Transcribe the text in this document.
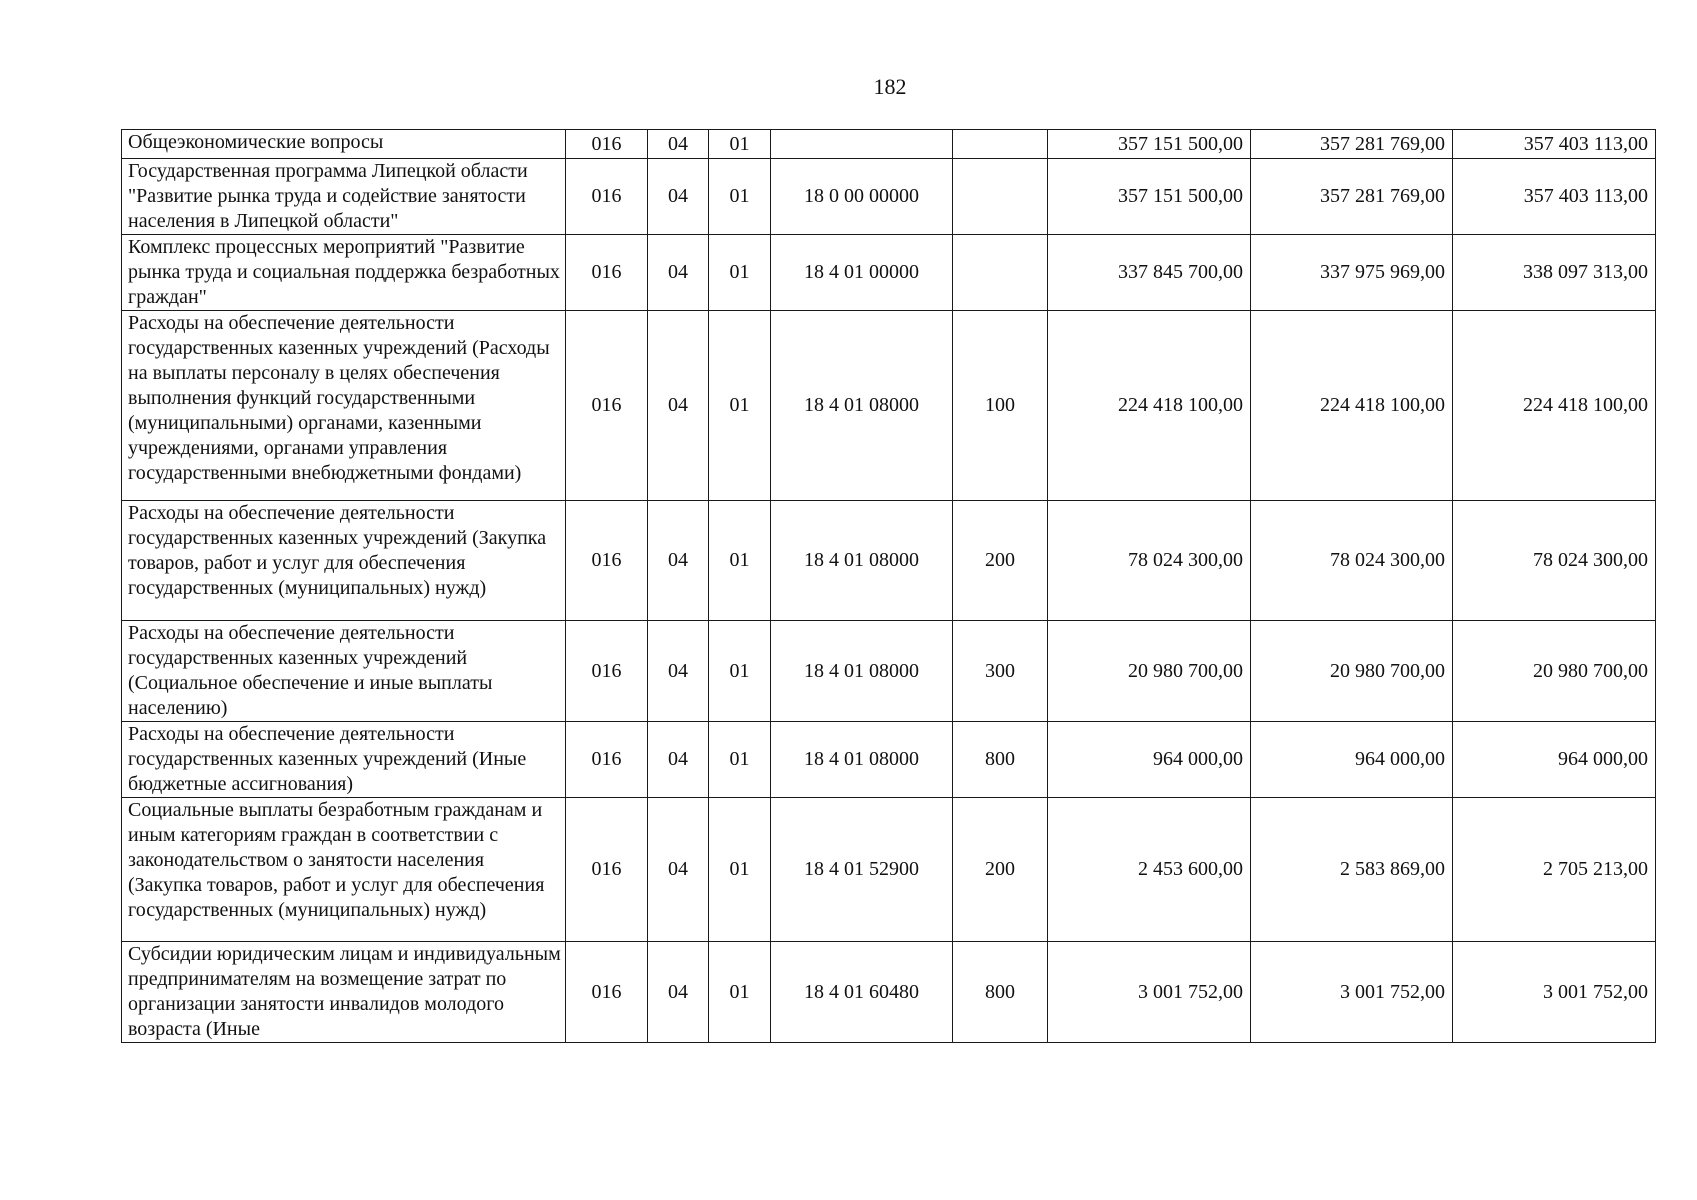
182
Общеэкономические вопросы	016	04	01			357 151 500,00	357 281 769,00	357 403 113,00
Государственная программа Липецкой области "Развитие рынка труда и содействие занятости населения в Липецкой области"	016	04	01	18 0 00 00000		357 151 500,00	357 281 769,00	357 403 113,00
Комплекс процессных мероприятий "Развитие рынка труда и социальная поддержка безработных граждан"	016	04	01	18 4 01 00000		337 845 700,00	337 975 969,00	338 097 313,00
Расходы на обеспечение деятельности государственных казенных учреждений (Расходы на выплаты персоналу в целях обеспечения выполнения функций государственными (муниципальными) органами, казенными учреждениями, органами управления государственными внебюджетными фондами)	016	04	01	18 4 01 08000	100	224 418 100,00	224 418 100,00	224 418 100,00
Расходы на обеспечение деятельности государственных казенных учреждений (Закупка товаров, работ и услуг для обеспечения государственных (муниципальных) нужд)	016	04	01	18 4 01 08000	200	78 024 300,00	78 024 300,00	78 024 300,00
Расходы на обеспечение деятельности государственных казенных учреждений (Социальное обеспечение и иные выплаты населению)	016	04	01	18 4 01 08000	300	20 980 700,00	20 980 700,00	20 980 700,00
Расходы на обеспечение деятельности государственных казенных учреждений (Иные бюджетные ассигнования)	016	04	01	18 4 01 08000	800	964 000,00	964 000,00	964 000,00
Социальные выплаты безработным гражданам и иным категориям граждан в соответствии с законодательством о занятости населения (Закупка товаров, работ и услуг для обеспечения государственных (муниципальных) нужд)	016	04	01	18 4 01 52900	200	2 453 600,00	2 583 869,00	2 705 213,00
Субсидии юридическим лицам и индивидуальным предпринимателям на возмещение затрат по организации занятости инвалидов молодого возраста (Иные	016	04	01	18 4 01 60480	800	3 001 752,00	3 001 752,00	3 001 752,00
